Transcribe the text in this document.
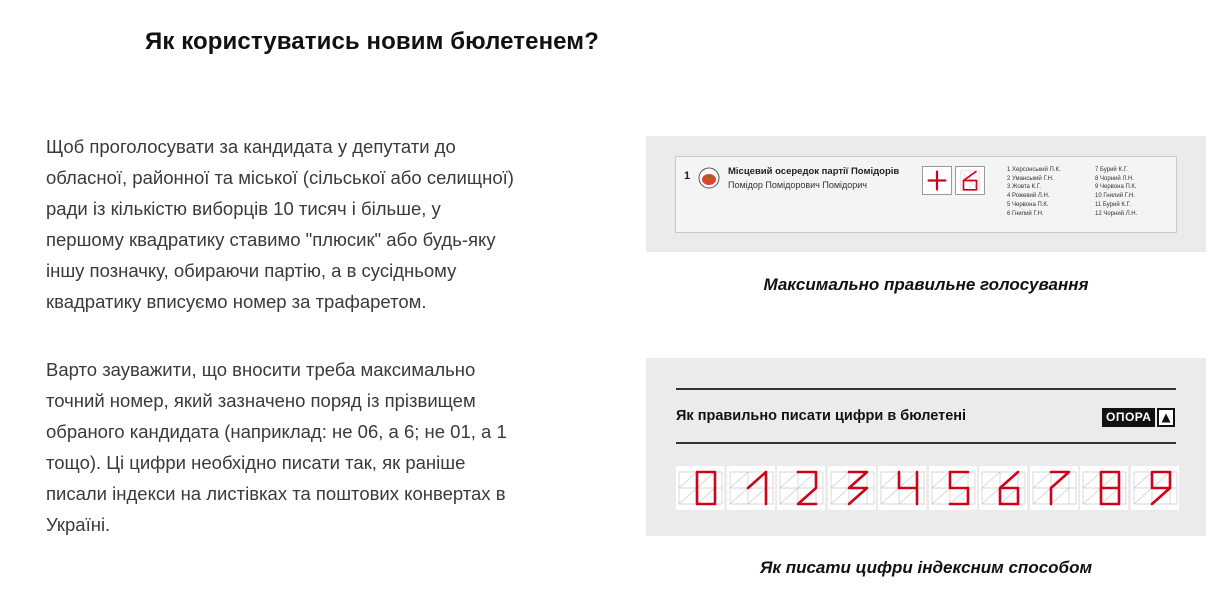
Як користуватись новим бюлетенем?

Щоб проголосувати за кандидата у депутати до обласної, районної та міської (сільської або селищної) ради із кількістю виборців 10 тисяч і більше, у першому квадратику ставимо "плюсик" або будь-яку іншу позначку, обираючи партію, а в сусідньому квадратику вписуємо номер за трафаретом.

Варто зауважити, що вносити треба максимально точний номер, який зазначено поряд із прізвищем обраного кандидата (наприклад: не 06, а 6; не 01, а 1 тощо). Ці цифри необхідно писати так, як раніше писали індекси на листівках та поштових конвертах в Україні.

1	Місцевий осередок партії Помідорів
Помідор Помідорович Помідорич
1 Херсонський П.К.
2 Уманський Г.Н.
3 Жовта К.Г.
4 Рожевий Л.Н.
5 Червона П.К.
6 Гнилий Г.Н.
7 Бурий К.Г.
8 Чорний Л.Н.
9 Червона П.К.
10 Гнилий Г.Н.
11 Бурий К.Г.
12 Чорний Л.Н.

Максимально правильне голосування

Як правильно писати цифри в бюлетені	ОПОРА

Як писати цифри індексним способом
